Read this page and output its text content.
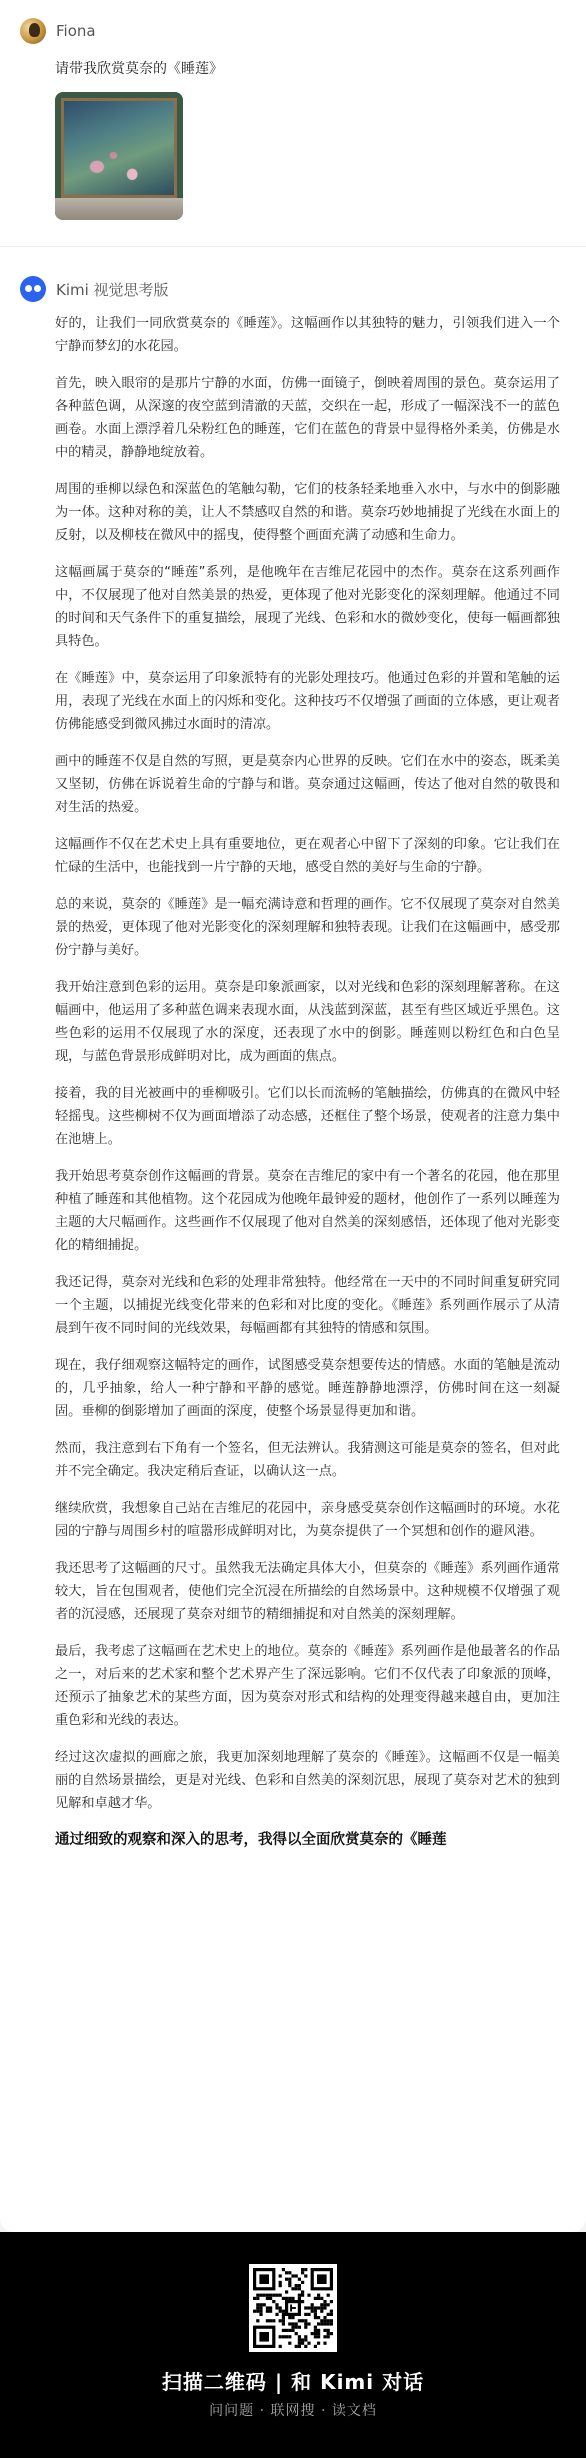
Fiona
请带我欣赏莫奈的《睡莲》
Kimi 视觉思考版

好的，让我们一同欣赏莫奈的《睡莲》。这幅画作以其独特的魅力，引领我们进入一个宁静而梦幻的水花园。

首先，映入眼帘的是那片宁静的水面，仿佛一面镜子，倒映着周围的景色。莫奈运用了各种蓝色调，从深邃的夜空蓝到清澈的天蓝，交织在一起，形成了一幅深浅不一的蓝色画卷。水面上漂浮着几朵粉红色的睡莲，它们在蓝色的背景中显得格外柔美，仿佛是水中的精灵，静静地绽放着。

周围的垂柳以绿色和深蓝色的笔触勾勒，它们的枝条轻柔地垂入水中，与水中的倒影融为一体。这种对称的美，让人不禁感叹自然的和谐。莫奈巧妙地捕捉了光线在水面上的反射，以及柳枝在微风中的摇曳，使得整个画面充满了动感和生命力。

这幅画属于莫奈的“睡莲”系列，是他晚年在吉维尼花园中的杰作。莫奈在这系列画作中，不仅展现了他对自然美景的热爱，更体现了他对光影变化的深刻理解。他通过不同的时间和天气条件下的重复描绘，展现了光线、色彩和水的微妙变化，使每一幅画都独具特色。

在《睡莲》中，莫奈运用了印象派特有的光影处理技巧。他通过色彩的并置和笔触的运用，表现了光线在水面上的闪烁和变化。这种技巧不仅增强了画面的立体感，更让观者仿佛能感受到微风拂过水面时的清凉。

画中的睡莲不仅是自然的写照，更是莫奈内心世界的反映。它们在水中的姿态，既柔美又坚韧，仿佛在诉说着生命的宁静与和谐。莫奈通过这幅画，传达了他对自然的敬畏和对生活的热爱。

这幅画作不仅在艺术史上具有重要地位，更在观者心中留下了深刻的印象。它让我们在忙碌的生活中，也能找到一片宁静的天地，感受自然的美好与生命的宁静。

总的来说，莫奈的《睡莲》是一幅充满诗意和哲理的画作。它不仅展现了莫奈对自然美景的热爱，更体现了他对光影变化的深刻理解和独特表现。让我们在这幅画中，感受那份宁静与美好。

我开始注意到色彩的运用。莫奈是印象派画家，以对光线和色彩的深刻理解著称。在这幅画中，他运用了多种蓝色调来表现水面，从浅蓝到深蓝，甚至有些区域近乎黑色。这些色彩的运用不仅展现了水的深度，还表现了水中的倒影。睡莲则以粉红色和白色呈现，与蓝色背景形成鲜明对比，成为画面的焦点。

接着，我的目光被画中的垂柳吸引。它们以长而流畅的笔触描绘，仿佛真的在微风中轻轻摇曳。这些柳树不仅为画面增添了动态感，还框住了整个场景，使观者的注意力集中在池塘上。

我开始思考莫奈创作这幅画的背景。莫奈在吉维尼的家中有一个著名的花园，他在那里种植了睡莲和其他植物。这个花园成为他晚年最钟爱的题材，他创作了一系列以睡莲为主题的大尺幅画作。这些画作不仅展现了他对自然美的深刻感悟，还体现了他对光影变化的精细捕捉。

我还记得，莫奈对光线和色彩的处理非常独特。他经常在一天中的不同时间重复研究同一个主题，以捕捉光线变化带来的色彩和对比度的变化。《睡莲》系列画作展示了从清晨到午夜不同时间的光线效果，每幅画都有其独特的情感和氛围。

现在，我仔细观察这幅特定的画作，试图感受莫奈想要传达的情感。水面的笔触是流动的，几乎抽象，给人一种宁静和平静的感觉。睡莲静静地漂浮，仿佛时间在这一刻凝固。垂柳的倒影增加了画面的深度，使整个场景显得更加和谐。

然而，我注意到右下角有一个签名，但无法辨认。我猜测这可能是莫奈的签名，但对此并不完全确定。我决定稍后查证，以确认这一点。

继续欣赏，我想象自己站在吉维尼的花园中，亲身感受莫奈创作这幅画时的环境。水花园的宁静与周围乡村的喧嚣形成鲜明对比，为莫奈提供了一个冥想和创作的避风港。

我还思考了这幅画的尺寸。虽然我无法确定具体大小，但莫奈的《睡莲》系列画作通常较大，旨在包围观者，使他们完全沉浸在所描绘的自然场景中。这种规模不仅增强了观者的沉浸感，还展现了莫奈对细节的精细捕捉和对自然美的深刻理解。

最后，我考虑了这幅画在艺术史上的地位。莫奈的《睡莲》系列画作是他最著名的作品之一，对后来的艺术家和整个艺术界产生了深远影响。它们不仅代表了印象派的顶峰，还预示了抽象艺术的某些方面，因为莫奈对形式和结构的处理变得越来越自由，更加注重色彩和光线的表达。

经过这次虚拟的画廊之旅，我更加深刻地理解了莫奈的《睡莲》。这幅画不仅是一幅美丽的自然场景描绘，更是对光线、色彩和自然美的深刻沉思，展现了莫奈对艺术的独到见解和卓越才华。

通过细致的观察和深入的思考，我得以全面欣赏莫奈的《睡莲

扫描二维码 | 和 Kimi 对话
问问题 · 联网搜 · 读文档
